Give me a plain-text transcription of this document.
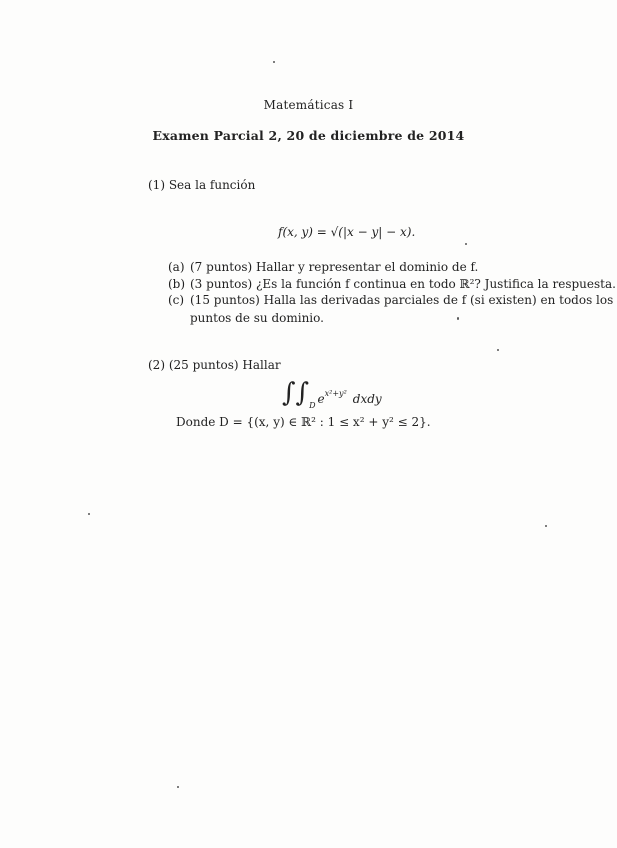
Matemáticas I
Examen Parcial 2, 20 de diciembre de 2014
(1) Sea la función
f(x, y) = √(|x − y| − x).
(a) (7 puntos) Hallar y representar el dominio de f.
(b) (3 puntos) ¿Es la función f continua en todo ℝ²? Justifica la respuesta.
(c) (15 puntos) Halla las derivadas parciales de f (si existen) en todos los
puntos de su dominio.
(2) (25 puntos) Hallar
∫∫ D e x²+y² dxdy
Donde D = {(x, y) ∈ ℝ² : 1 ≤ x² + y² ≤ 2}.
